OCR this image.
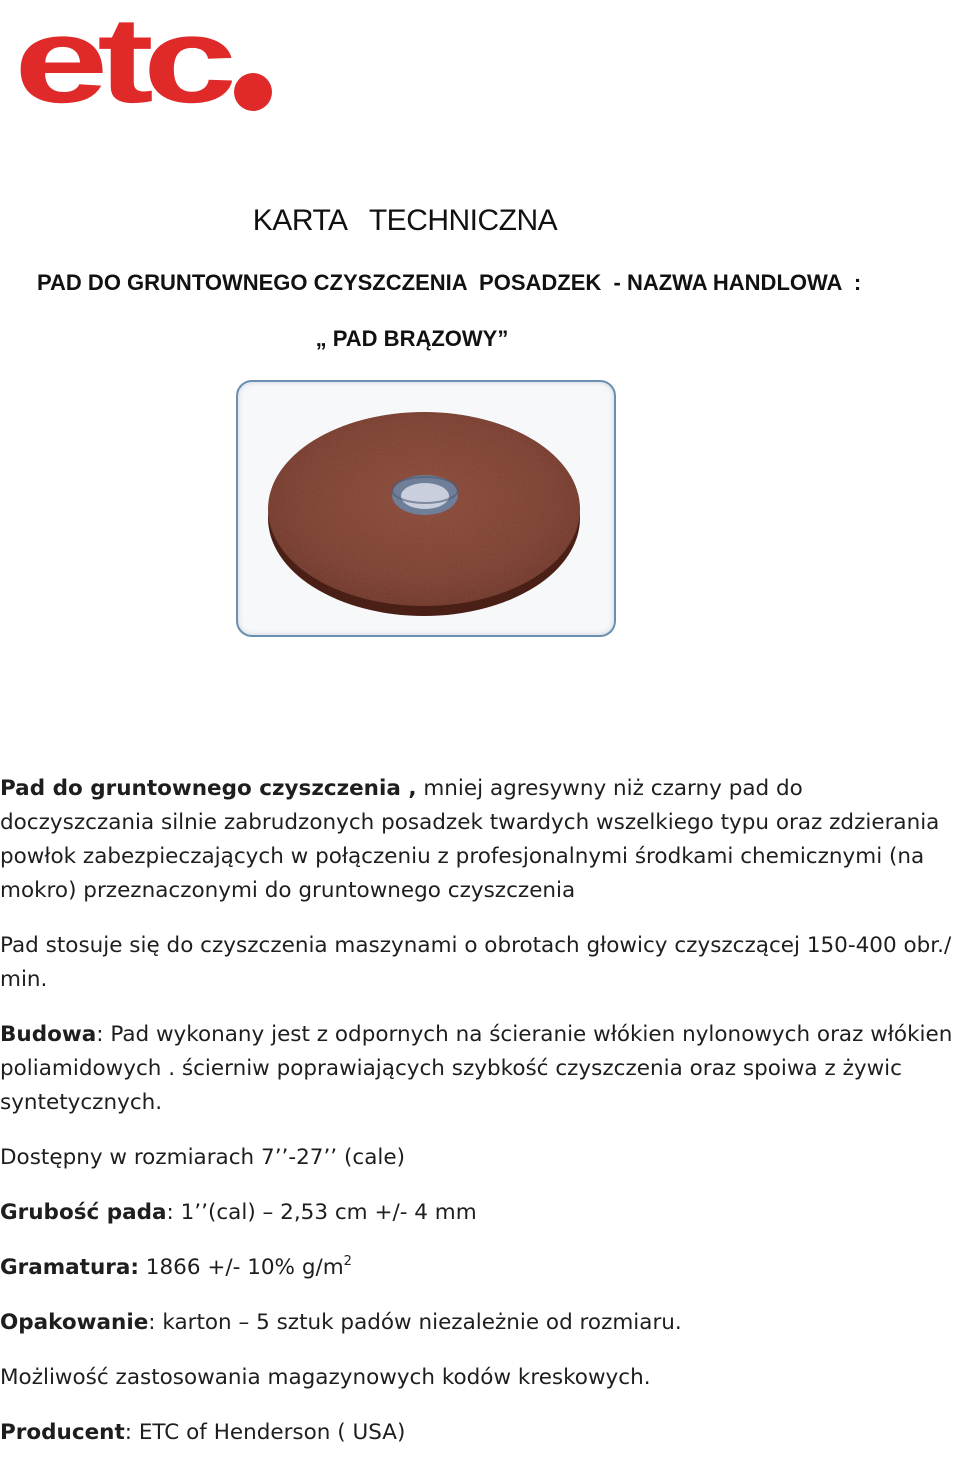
etc
KARTA   TECHNICZNA
PAD DO GRUNTOWNEGO CZYSZCZENIA  POSADZEK  - NAZWA HANDLOWA  :
„ PAD BRĄZOWY”

Pad do gruntownego czyszczenia , mniej agresywny niż czarny pad do doczyszczania silnie zabrudzonych posadzek twardych wszelkiego typu oraz zdzierania powłok zabezpieczających w połączeniu z profesjonalnymi środkami chemicznymi (na mokro) przeznaczonymi do gruntownego czyszczenia

Pad stosuje się do czyszczenia maszynami o obrotach głowicy czyszczącej 150-400 obr./ min.

Budowa: Pad wykonany jest z odpornych na ścieranie włókien nylonowych oraz włókien poliamidowych . ścierniw poprawiających szybkość czyszczenia oraz spoiwa z żywic syntetycznych.

Dostępny w rozmiarach 7’’-27’’ (cale)

Grubość pada: 1’’(cal) – 2,53 cm +/- 4 mm

Gramatura: 1866 +/- 10% $g/m^2$

Opakowanie: karton – 5 sztuk padów niezależnie od rozmiaru.

Możliwość zastosowania magazynowych kodów kreskowych.

Producent: ETC of Henderson ( USA)
